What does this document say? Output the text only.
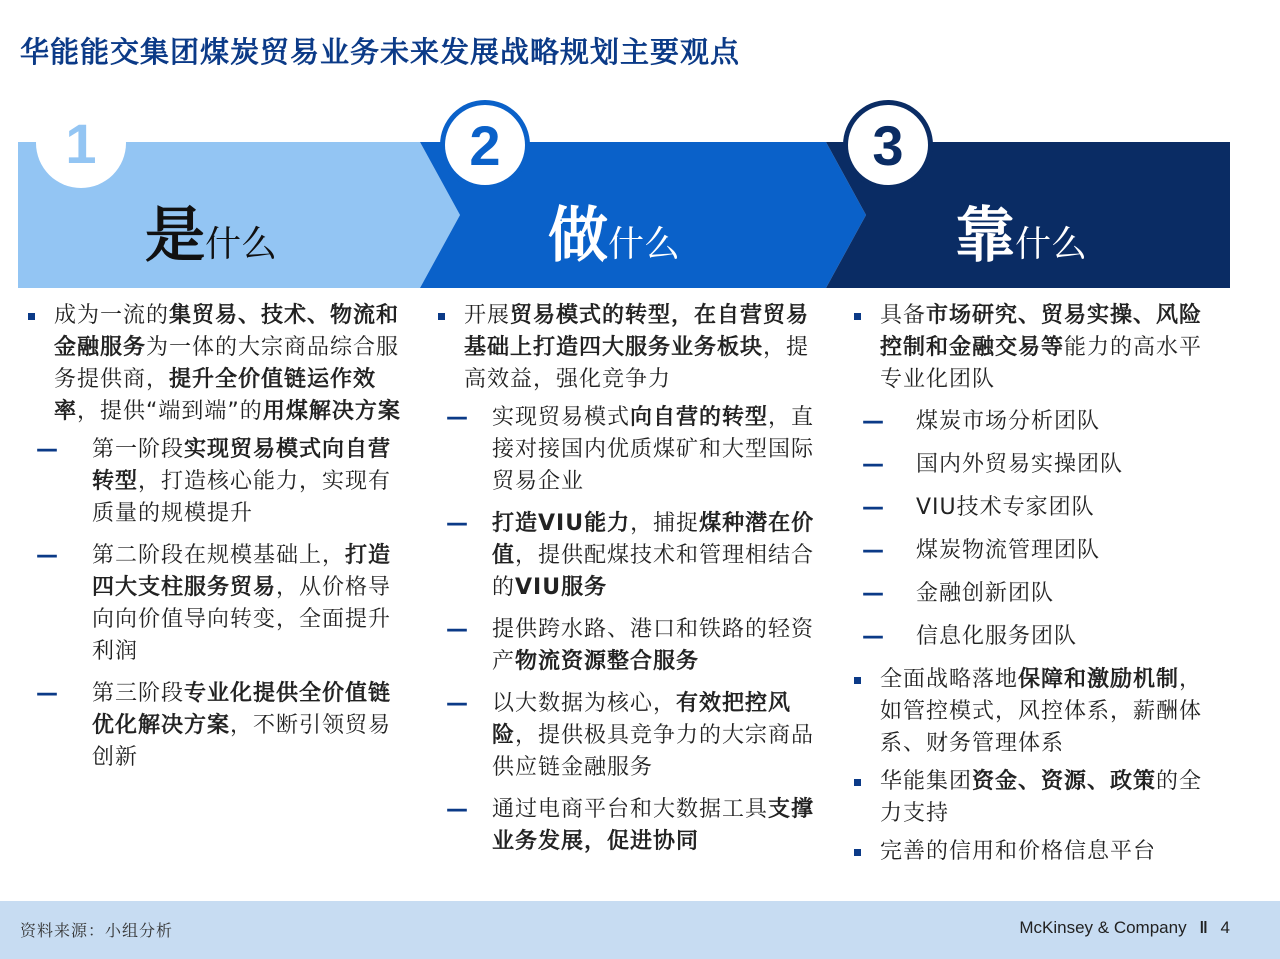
华能能交集团煤炭贸易业务未来发展战略规划主要观点
1	2	3
是什么	做什么	靠什么
成为一流的集贸易、技术、物流和金融服务为一体的大宗商品综合服务提供商，提升全价值链运作效率，提供“端到端”的用煤解决方案
— 第一阶段实现贸易模式向自营转型，打造核心能力，实现有质量的规模提升
— 第二阶段在规模基础上，打造四大支柱服务贸易，从价格导向向价值导向转变，全面提升利润
— 第三阶段专业化提供全价值链优化解决方案，不断引领贸易创新
开展贸易模式的转型，在自营贸易基础上打造四大服务业务板块，提高效益，强化竞争力
— 实现贸易模式向自营的转型，直接对接国内优质煤矿和大型国际贸易企业
— 打造VIU能力，捕捉煤种潜在价值，提供配煤技术和管理相结合的VIU服务
— 提供跨水路、港口和铁路的轻资产物流资源整合服务
— 以大数据为核心，有效把控风险，提供极具竞争力的大宗商品供应链金融服务
— 通过电商平台和大数据工具支撑业务发展，促进协同
具备市场研究、贸易实操、风险控制和金融交易等能力的高水平专业化团队
— 煤炭市场分析团队
— 国内外贸易实操团队
— VIU技术专家团队
— 煤炭物流管理团队
— 金融创新团队
— 信息化服务团队
全面战略落地保障和激励机制，如管控模式，风控体系，薪酬体系、财务管理体系
华能集团资金、资源、政策的全力支持
完善的信用和价格信息平台
资料来源：小组分析	McKinsey & Company ‖ 4
